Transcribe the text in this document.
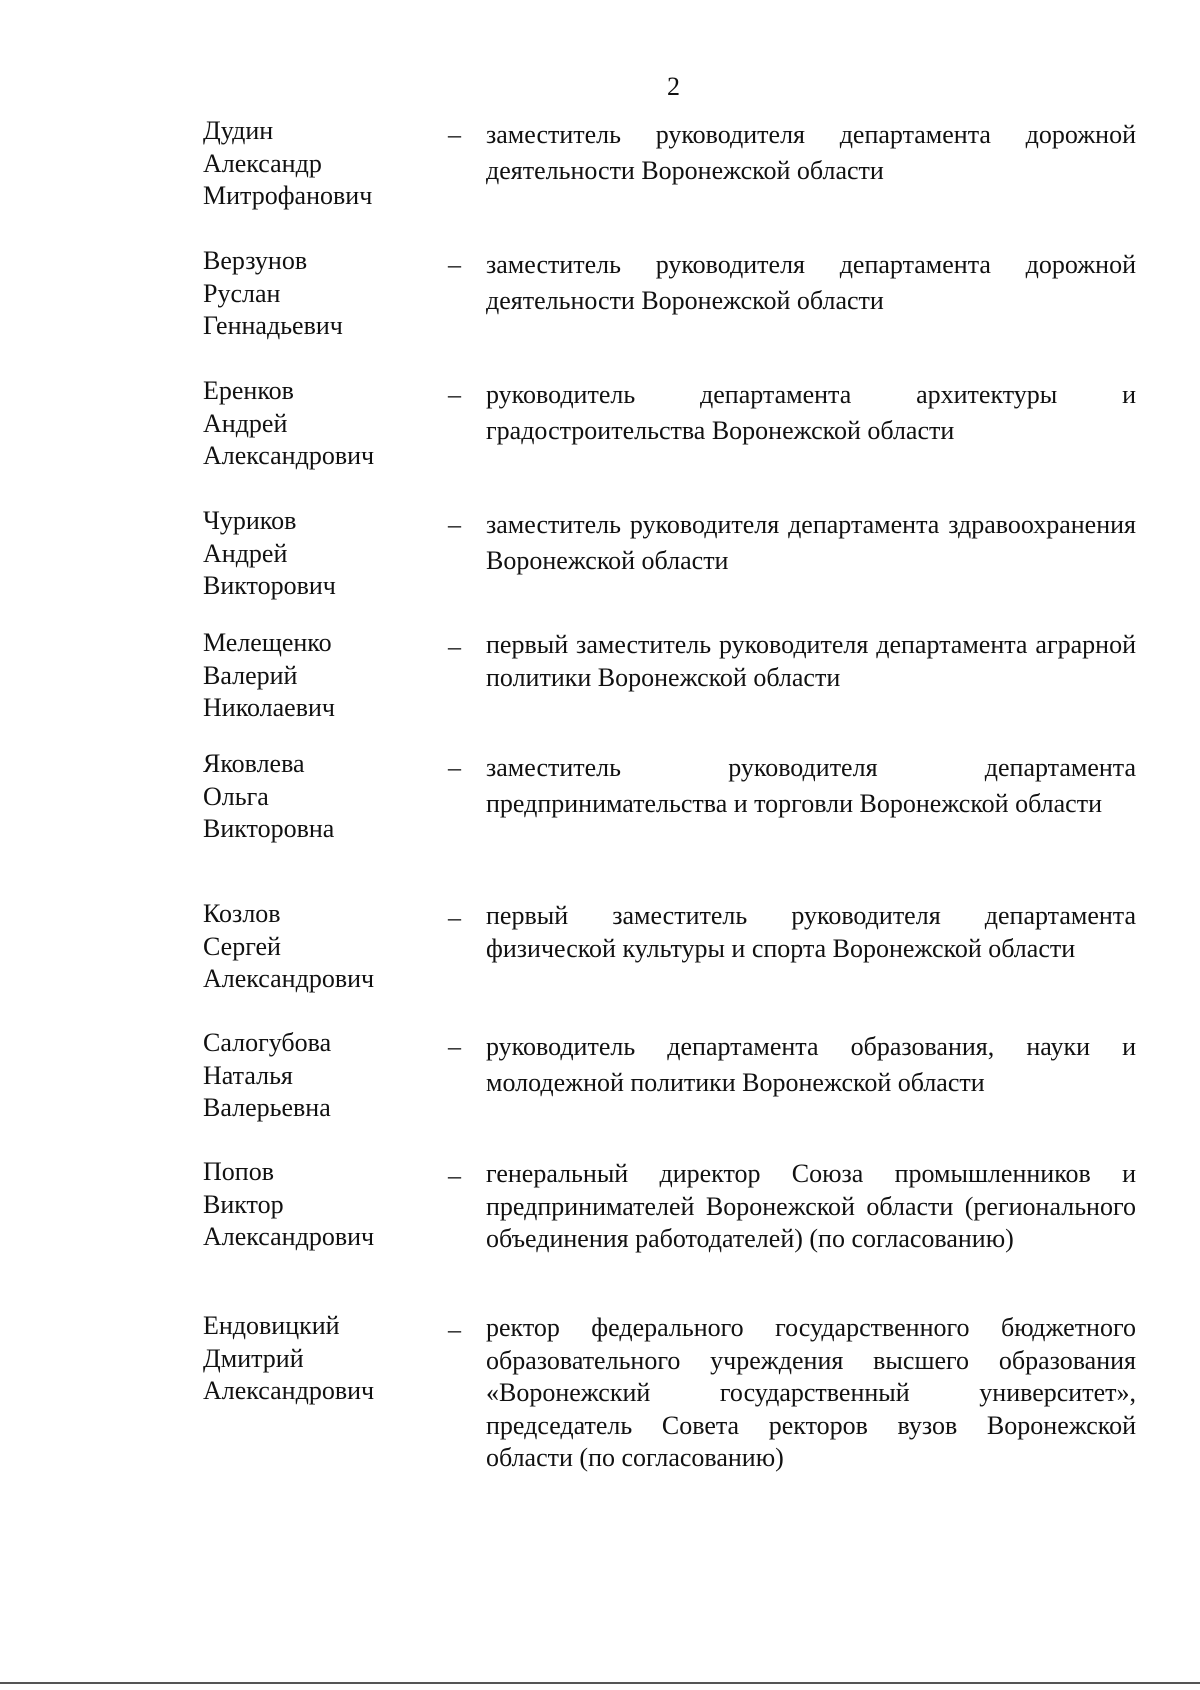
2
Дудин
Александр
Митрофанович
– заместитель руководителя департамента дорожной деятельности Воронежской области
Верзунов
Руслан
Геннадьевич
– заместитель руководителя департамента дорожной деятельности Воронежской области
Еренков
Андрей
Александрович
– руководитель департамента архитектуры и градостроительства Воронежской области
Чуриков
Андрей
Викторович
– заместитель руководителя департамента здравоохранения Воронежской области
Мелещенко
Валерий
Николаевич
– первый заместитель руководителя департамента аграрной политики Воронежской области
Яковлева
Ольга
Викторовна
– заместитель руководителя департамента предпринимательства и торговли Воронежской области
Козлов
Сергей
Александрович
– первый заместитель руководителя департамента физической культуры и спорта Воронежской области
Салогубова
Наталья
Валерьевна
– руководитель департамента образования, науки и молодежной политики Воронежской области
Попов
Виктор
Александрович
– генеральный директор Союза промышленников и предпринимателей Воронежской области (регионального объединения работодателей) (по согласованию)
Ендовицкий
Дмитрий
Александрович
– ректор федерального государственного бюджетного образовательного учреждения высшего образования «Воронежский государственный университет», председатель Совета ректоров вузов Воронежской области (по согласованию)
